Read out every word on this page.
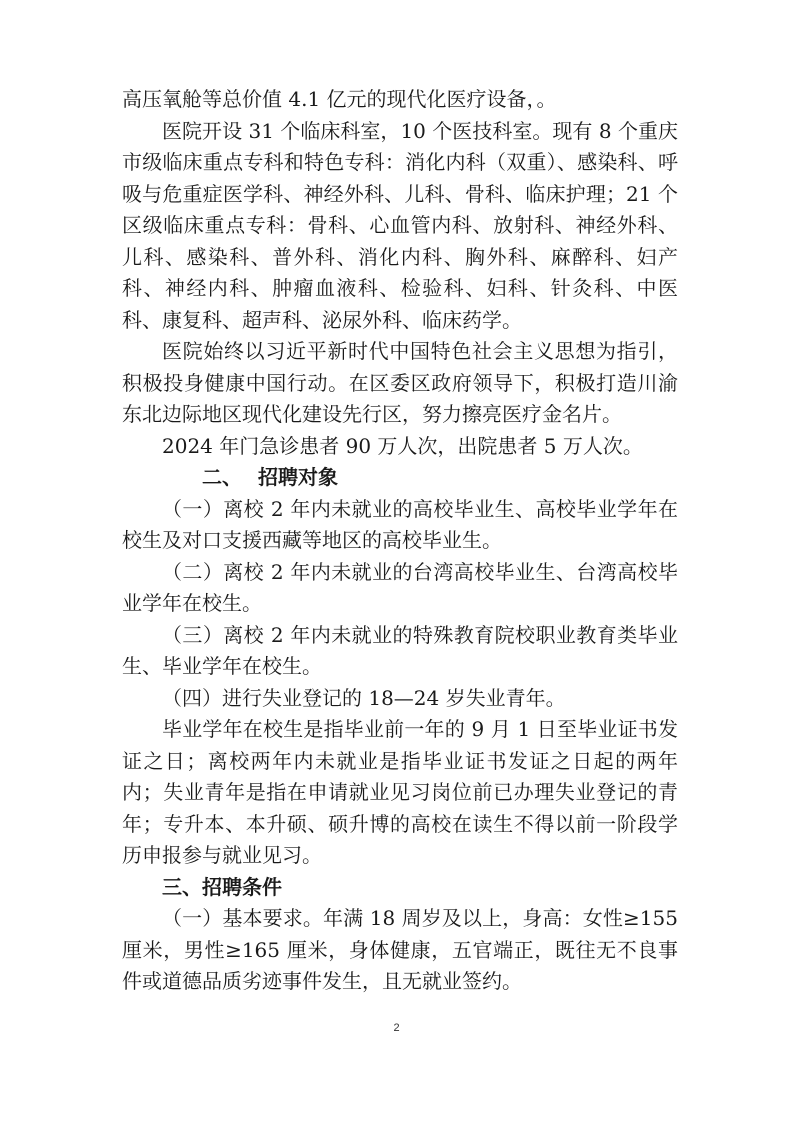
高压氧舱等总价值 4.1 亿元的现代化医疗设备，。

医院开设 31 个临床科室，10 个医技科室。现有 8 个重庆市级临床重点专科和特色专科：消化内科（双重）、感染科、呼吸与危重症医学科、神经外科、儿科、骨科、临床护理；21 个区级临床重点专科：骨科、心血管内科、放射科、神经外科、儿科、感染科、普外科、消化内科、胸外科、麻醉科、妇产科、神经内科、肿瘤血液科、检验科、妇科、针灸科、中医科、康复科、超声科、泌尿外科、临床药学。

医院始终以习近平新时代中国特色社会主义思想为指引，积极投身健康中国行动。在区委区政府领导下，积极打造川渝东北边际地区现代化建设先行区，努力擦亮医疗金名片。

2024 年门急诊患者 90 万人次，出院患者 5 万人次。

二、 招聘对象

（一）离校 2 年内未就业的高校毕业生、高校毕业学年在校生及对口支援西藏等地区的高校毕业生。

（二）离校 2 年内未就业的台湾高校毕业生、台湾高校毕业学年在校生。

（三）离校 2 年内未就业的特殊教育院校职业教育类毕业生、毕业学年在校生。

（四）进行失业登记的 18—24 岁失业青年。

毕业学年在校生是指毕业前一年的 9 月 1 日至毕业证书发证之日；离校两年内未就业是指毕业证书发证之日起的两年内；失业青年是指在申请就业见习岗位前已办理失业登记的青年；专升本、本升硕、硕升博的高校在读生不得以前一阶段学历申报参与就业见习。

三、招聘条件

（一）基本要求。年满 18 周岁及以上，身高：女性≥155 厘米，男性≥165 厘米，身体健康，五官端正，既往无不良事件或道德品质劣迹事件发生，且无就业签约。

2
